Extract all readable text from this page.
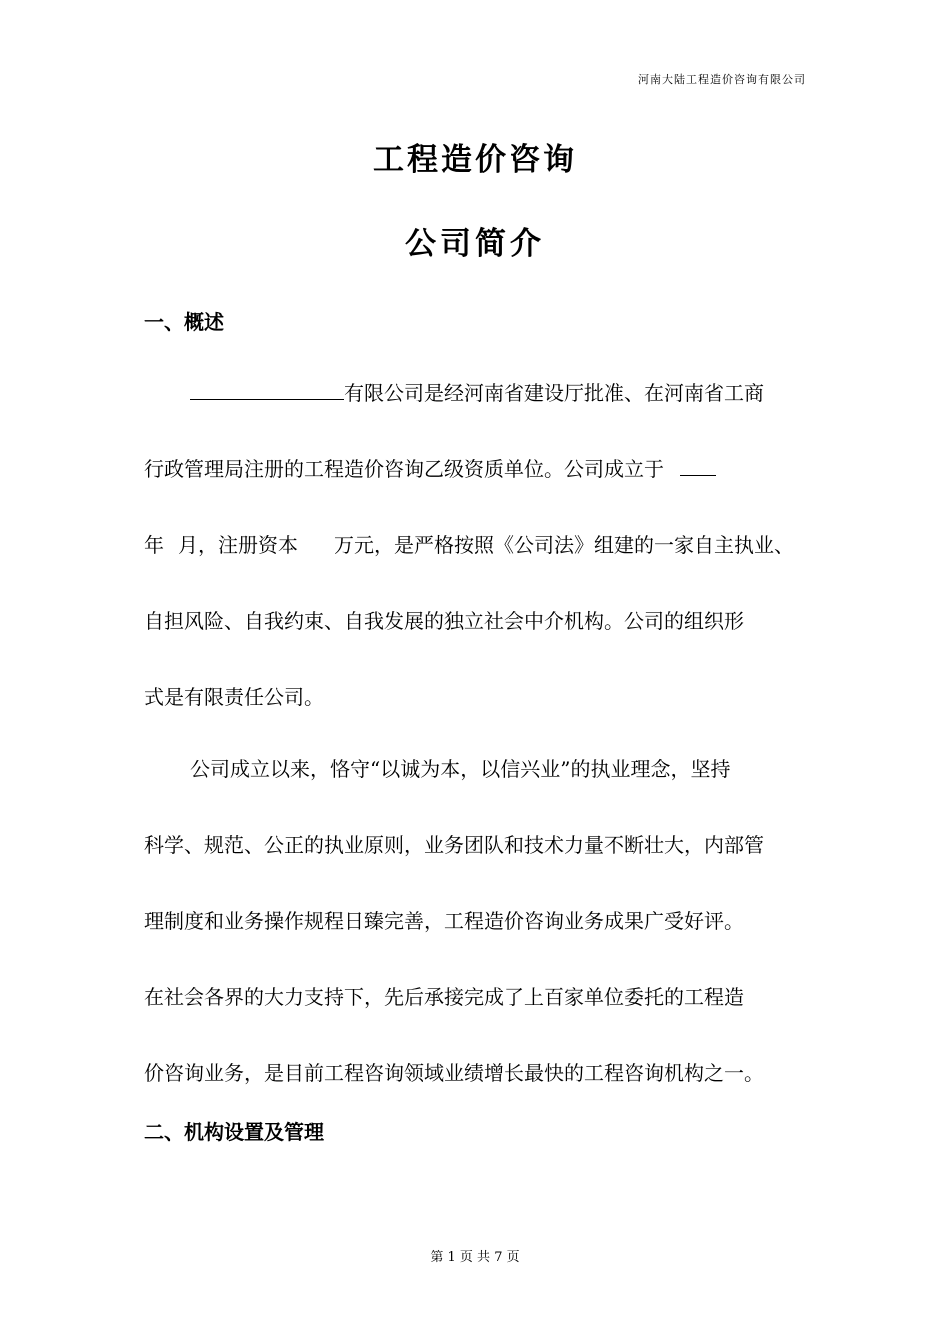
河南大陆工程造价咨询有限公司
工程造价咨询
公司简介
一、概述
有限公司是经河南省建设厅批准、在河南省工商
行政管理局注册的工程造价咨询乙级资质单位。公司成立于
年 月，注册资本 万元，是严格按照《公司法》组建的一家自主执业、
自担风险、自我约束、自我发展的独立社会中介机构。公司的组织形
式是有限责任公司。
公司成立以来，恪守“以诚为本，以信兴业”的执业理念，坚持
科学、规范、公正的执业原则，业务团队和技术力量不断壮大，内部管
理制度和业务操作规程日臻完善，工程造价咨询业务成果广受好评。
在社会各界的大力支持下，先后承接完成了上百家单位委托的工程造
价咨询业务，是目前工程咨询领域业绩增长最快的工程咨询机构之一。
二、机构设置及管理
第 1 页 共 7 页
